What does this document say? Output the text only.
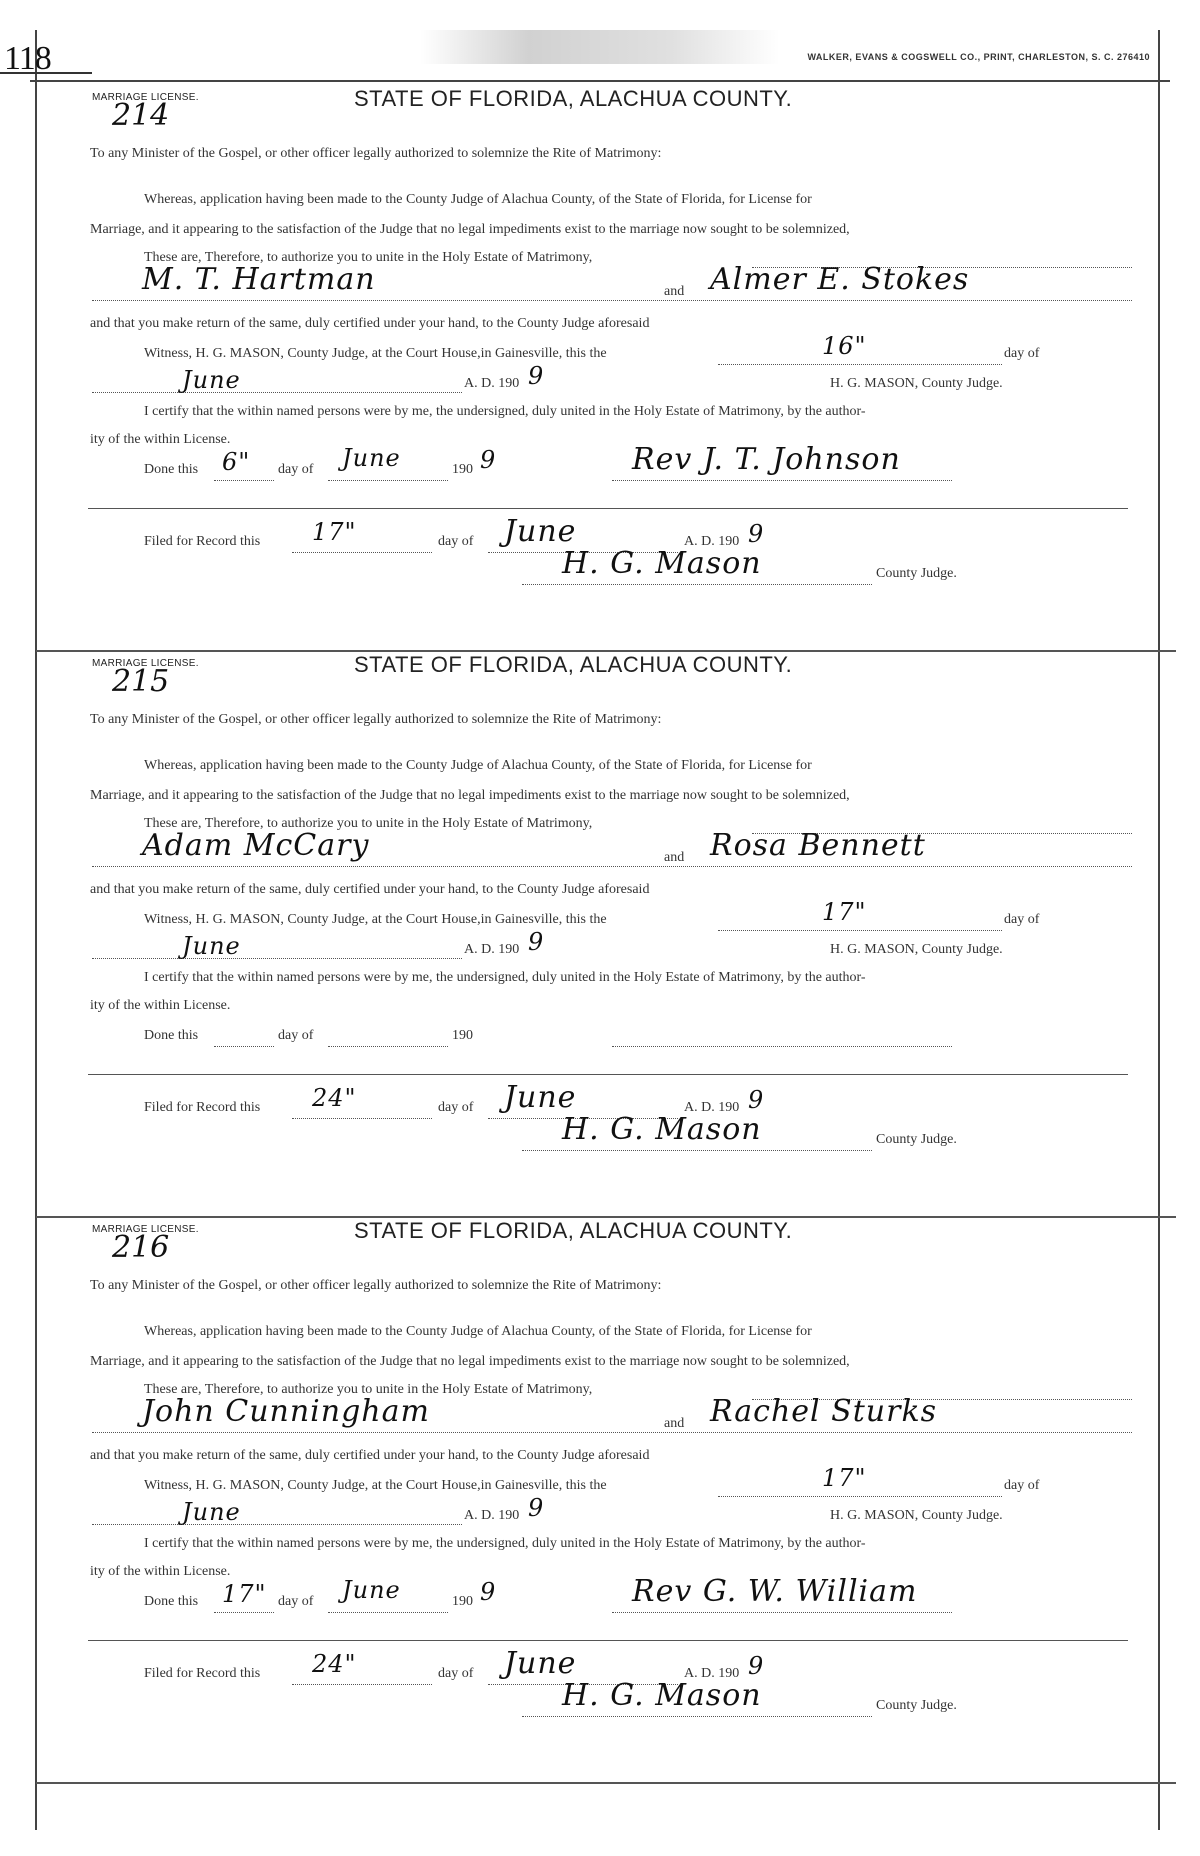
WALKER, EVANS & COGSWELL CO., PRINT, CHARLESTON, S. C. 276410
118
MARRIAGE LICENSE.
214	STATE OF FLORIDA, ALACHUA COUNTY.
To any Minister of the Gospel, or other officer legally authorized to solemnize the Rite of Matrimony:
Whereas, application having been made to the County Judge of Alachua County, of the State of Florida, for License for
Marriage, and it appearing to the satisfaction of the Judge that no legal impediments exist to the marriage now sought to be solemnized,
These are, Therefore, to authorize you to unite in the Holy Estate of Matrimony,
M. T. Hartman	and Almer E. Stokes
and that you make return of the same, duly certified under your hand, to the County Judge aforesaid
Witness, H. G. MASON, County Judge, at the Court House,in Gainesville, this the	16"	day of
June	A. D. 190 9	H. G. MASON, County Judge.
I certify that the within named persons were by me, the undersigned, duly united in the Holy Estate of Matrimony, by the author-
ity of the within License.
Done this 6" day of June	190 9	Rev J. T. Johnson
Filed for Record this 17"	day of June	A. D. 190 9
H. G. Mason	County Judge.
MARRIAGE LICENSE.
215	STATE OF FLORIDA, ALACHUA COUNTY.
To any Minister of the Gospel, or other officer legally authorized to solemnize the Rite of Matrimony:
Whereas, application having been made to the County Judge of Alachua County, of the State of Florida, for License for
Marriage, and it appearing to the satisfaction of the Judge that no legal impediments exist to the marriage now sought to be solemnized,
These are, Therefore, to authorize you to unite in the Holy Estate of Matrimony,
Adam McCary	and Rosa Bennett
and that you make return of the same, duly certified under your hand, to the County Judge aforesaid
Witness, H. G. MASON, County Judge, at the Court House,in Gainesville, this the	17"	day of
June	A. D. 190 9	H. G. MASON, County Judge.
I certify that the within named persons were by me, the undersigned, duly united in the Holy Estate of Matrimony, by the author-
ity of the within License.
Done this	day of	190
Filed for Record this 24"	day of June	A. D. 190 9
H. G. Mason	County Judge.
MARRIAGE LICENSE.
216	STATE OF FLORIDA, ALACHUA COUNTY.
To any Minister of the Gospel, or other officer legally authorized to solemnize the Rite of Matrimony:
Whereas, application having been made to the County Judge of Alachua County, of the State of Florida, for License for
Marriage, and it appearing to the satisfaction of the Judge that no legal impediments exist to the marriage now sought to be solemnized,
These are, Therefore, to authorize you to unite in the Holy Estate of Matrimony,
John Cunningham	and Rachel Sturks
and that you make return of the same, duly certified under your hand, to the County Judge aforesaid
Witness, H. G. MASON, County Judge, at the Court House,in Gainesville, this the	17"	day of
June	A. D. 190 9	H. G. MASON, County Judge.
I certify that the within named persons were by me, the undersigned, duly united in the Holy Estate of Matrimony, by the author-
ity of the within License.
Done this 17" day of June	190 9	Rev G. W. William
Filed for Record this 24"	day of June	A. D. 190 9
H. G. Mason	County Judge.
